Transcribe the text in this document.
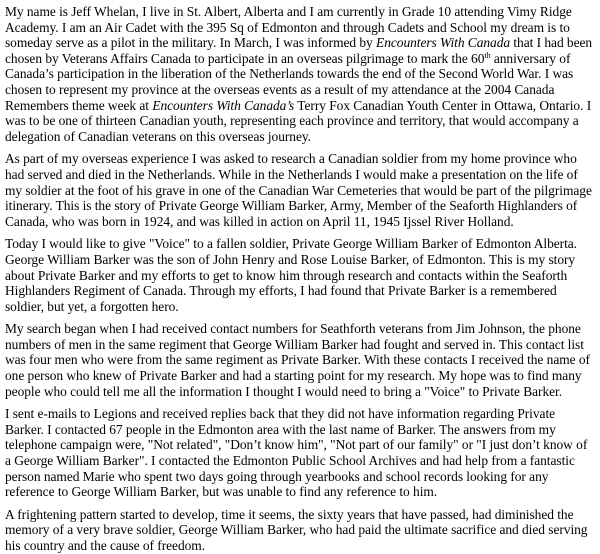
My name is Jeff Whelan, I live in St. Albert, Alberta and I am currently in Grade 10 attending Vimy Ridge Academy. I am an Air Cadet with the 395 Sq of Edmonton and through Cadets and School my dream is to someday serve as a pilot in the military. In March, I was informed by Encounters With Canada that I had been chosen by Veterans Affairs Canada to participate in an overseas pilgrimage to mark the 60th anniversary of Canada’s participation in the liberation of the Netherlands towards the end of the Second World War. I was chosen to represent my province at the overseas events as a result of my attendance at the 2004 Canada Remembers theme week at Encounters With Canada’s Terry Fox Canadian Youth Center in Ottawa, Ontario. I was to be one of thirteen Canadian youth, representing each province and territory, that would accompany a delegation of Canadian veterans on this overseas journey.

As part of my overseas experience I was asked to research a Canadian soldier from my home province who had served and died in the Netherlands. While in the Netherlands I would make a presentation on the life of my soldier at the foot of his grave in one of the Canadian War Cemeteries that would be part of the pilgrimage itinerary. This is the story of Private George William Barker, Army, Member of the Seaforth Highlanders of Canada, who was born in 1924, and was killed in action on April 11, 1945 Ijssel River Holland.

Today I would like to give "Voice" to a fallen soldier, Private George William Barker of Edmonton Alberta. George William Barker was the son of John Henry and Rose Louise Barker, of Edmonton. This is my story about Private Barker and my efforts to get to know him through research and contacts within the Seaforth Highlanders Regiment of Canada. Through my efforts, I had found that Private Barker is a remembered soldier, but yet, a forgotten hero.

My search began when I had received contact numbers for Seathforth veterans from Jim Johnson, the phone numbers of men in the same regiment that George William Barker had fought and served in. This contact list was four men who were from the same regiment as Private Barker. With these contacts I received the name of one person who knew of Private Barker and had a starting point for my research. My hope was to find many people who could tell me all the information I thought I would need to bring a "Voice" to Private Barker.

I sent e-mails to Legions and received replies back that they did not have information regarding Private Barker. I contacted 67 people in the Edmonton area with the last name of Barker. The answers from my telephone campaign were, "Not related", "Don’t know him", "Not part of our family" or "I just don’t know of a George William Barker". I contacted the Edmonton Public School Archives and had help from a fantastic person named Marie who spent two days going through yearbooks and school records looking for any reference to George William Barker, but was unable to find any reference to him.

A frightening pattern started to develop, time it seems, the sixty years that have passed, had diminished the memory of a very brave soldier, George William Barker, who had paid the ultimate sacrifice and died serving his country and the cause of freedom.
